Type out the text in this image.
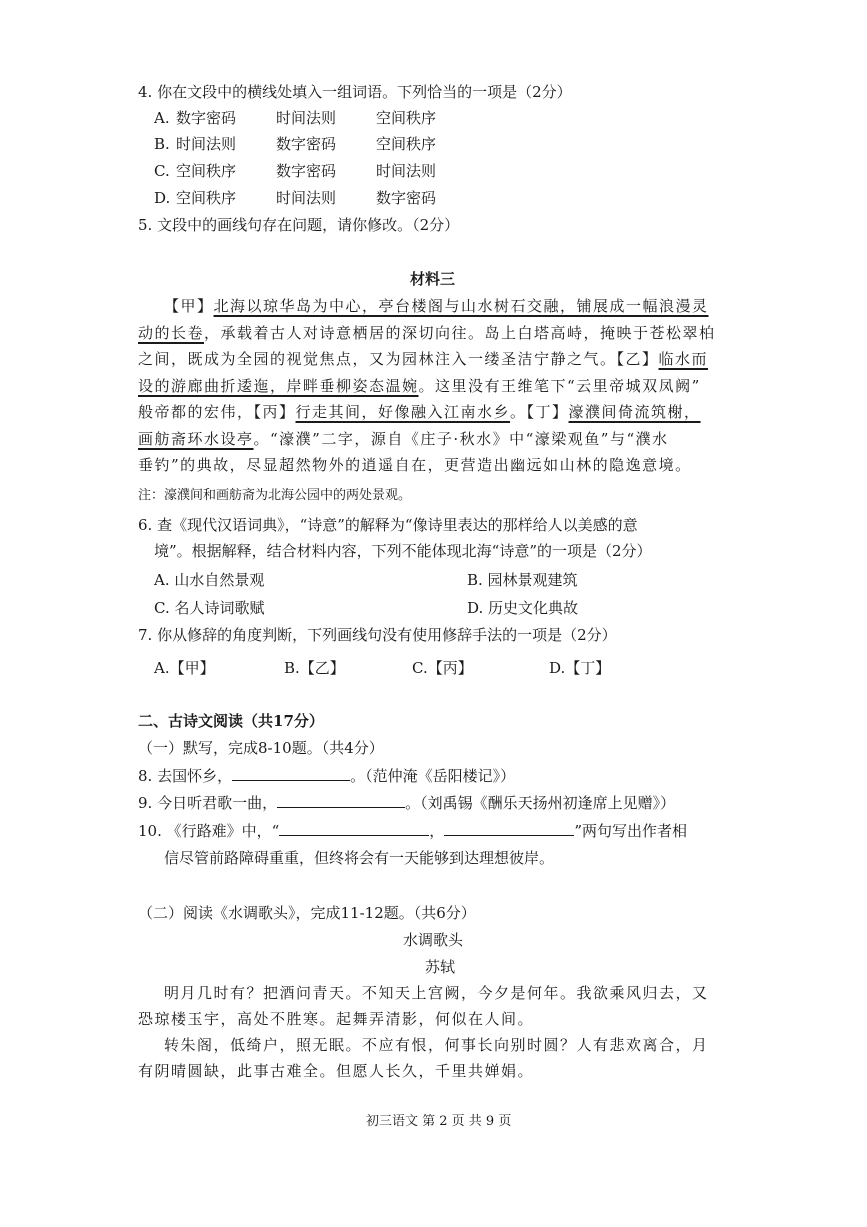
4. 你在文段中的横线处填入一组词语。下列恰当的一项是（2分）
A. 数字密码	时间法则	空间秩序
B. 时间法则	数字密码	空间秩序
C. 空间秩序	数字密码	时间法则
D. 空间秩序	时间法则	数字密码
5. 文段中的画线句存在问题，请你修改。（2分）
材料三
【甲】北海以琼华岛为中心，亭台楼阁与山水树石交融，铺展成一幅浪漫灵
动的长卷，承载着古人对诗意栖居的深切向往。岛上白塔高峙，掩映于苍松翠柏
之间，既成为全园的视觉焦点，又为园林注入一缕圣洁宁静之气。【乙】临水而
设的游廊曲折逶迤，岸畔垂柳姿态温婉。这里没有王维笔下“云里帝城双凤阙”
般帝都的宏伟，【丙】行走其间，好像融入江南水乡。【丁】濠濮间倚流筑榭，
画舫斋环水设亭。“濠濮”二字，源自《庄子·秋水》中“濠梁观鱼”与“濮水
垂钓”的典故，尽显超然物外的逍遥自在，更营造出幽远如山林的隐逸意境。
注：濠濮间和画舫斋为北海公园中的两处景观。
6. 查《现代汉语词典》，“诗意”的解释为“像诗里表达的那样给人以美感的意
境”。根据解释，结合材料内容，下列不能体现北海“诗意”的一项是（2分）
A. 山水自然景观	B. 园林景观建筑
C. 名人诗词歌赋	D. 历史文化典故
7. 你从修辞的角度判断，下列画线句没有使用修辞手法的一项是（2分）
A.【甲】	B.【乙】	C.【丙】	D.【丁】
二、古诗文阅读（共17分）
（一）默写，完成8-10题。（共4分）
8. 去国怀乡，	。（范仲淹《岳阳楼记》）
9. 今日听君歌一曲，	。（刘禹锡《酬乐天扬州初逢席上见赠》）
10. 《行路难》中，“	，	”两句写出作者相
信尽管前路障碍重重，但终将会有一天能够到达理想彼岸。
（二）阅读《水调歌头》，完成11-12题。（共6分）
水调歌头
苏轼
明月几时有？把酒问青天。不知天上宫阙，今夕是何年。我欲乘风归去，又
恐琼楼玉宇，高处不胜寒。起舞弄清影，何似在人间。
转朱阁，低绮户，照无眠。不应有恨，何事长向别时圆？人有悲欢离合，月
有阴晴圆缺，此事古难全。但愿人长久，千里共婵娟。
初三语文 第 2 页 共 9 页
